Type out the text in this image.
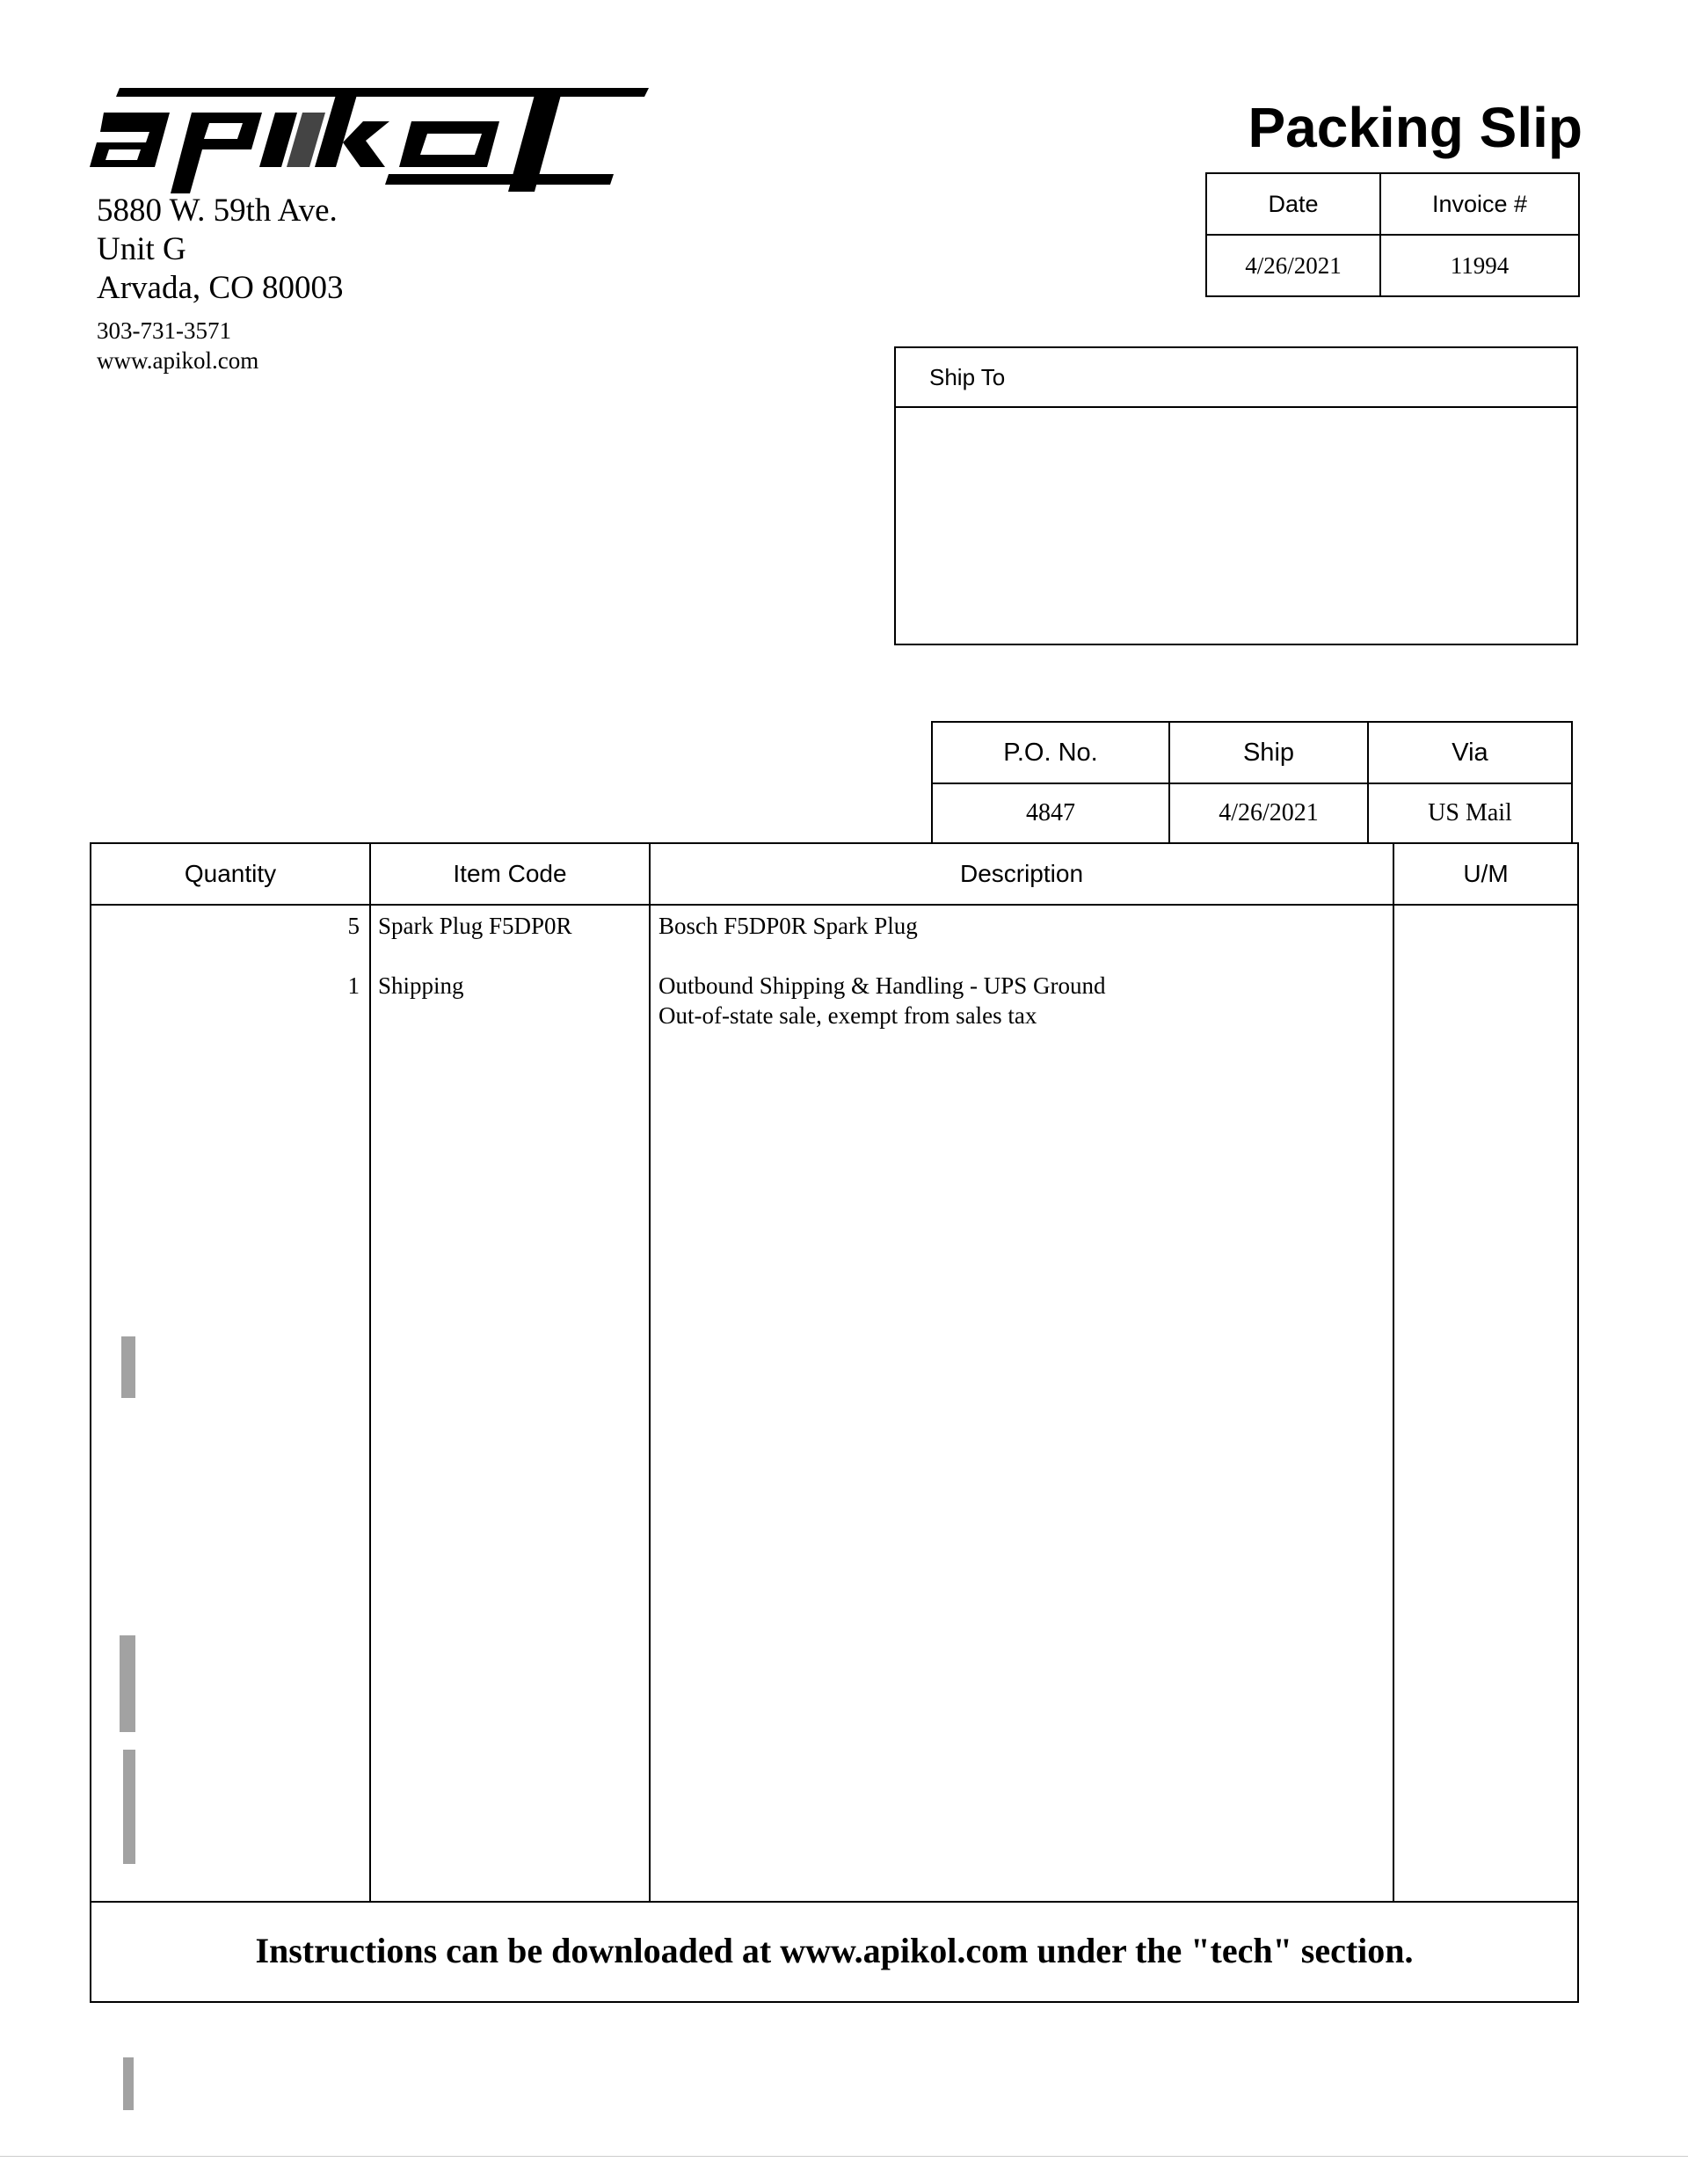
5880 W. 59th Ave.
Unit G
Arvada, CO 80003
303-731-3571
www.apikol.com
Packing Slip
Date	Invoice #
4/26/2021	11994
Ship To
P.O. No.	Ship	Via
4847	4/26/2021	US Mail
Quantity	Item Code	Description	U/M
5 Spark Plug F5DP0R	Bosch F5DP0R Spark Plug
1 Shipping	Outbound Shipping & Handling - UPS Ground
Out-of-state sale, exempt from sales tax
Instructions can be downloaded at www.apikol.com under the "tech" section.
